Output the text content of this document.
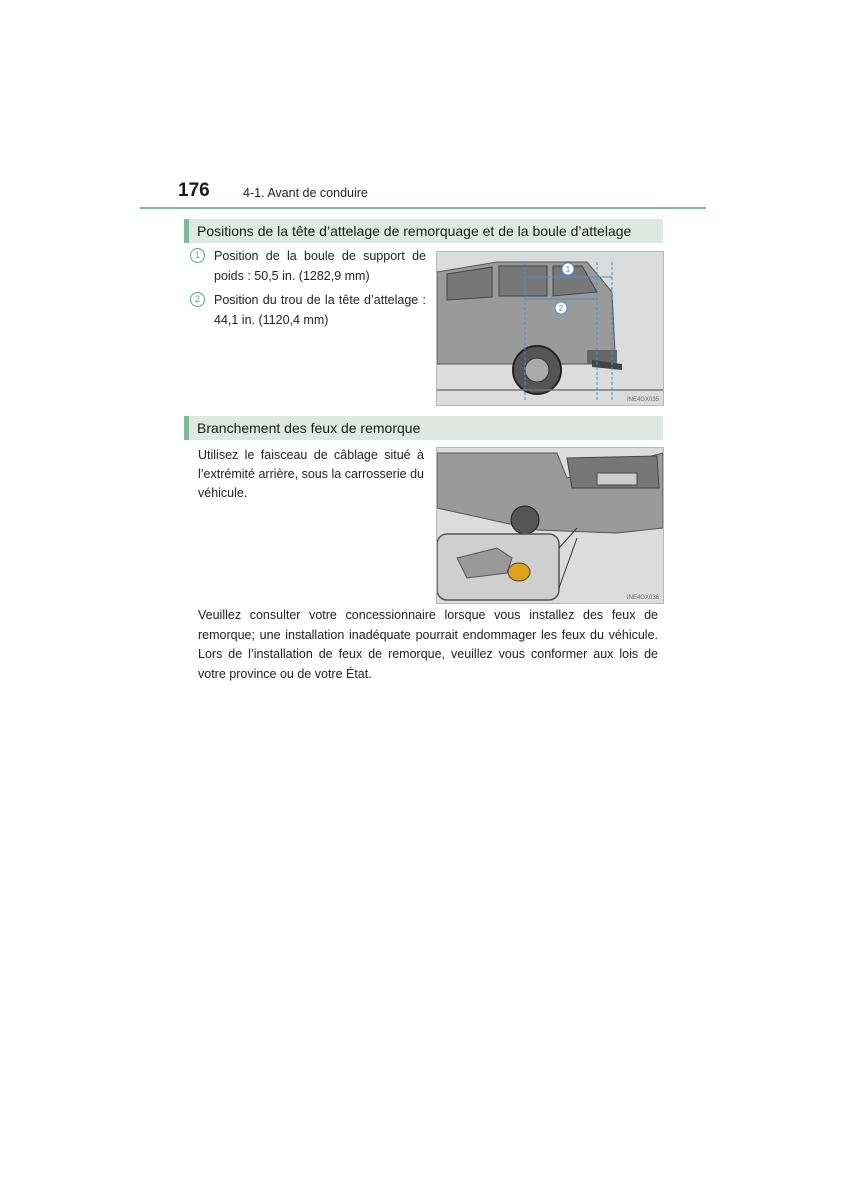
176	4-1. Avant de conduire
Positions de la tête d’attelage de remorquage et de la boule d’attelage
1	Position de la boule de support de poids : 50,5 in. (1282,9 mm)
2	Position du trou de la tête d’attelage : 44,1 in. (1120,4 mm)
1
2
INE4GX035
Branchement des feux de remorque
Utilisez le faisceau de câblage situé à l’extrémité arrière, sous la carrosserie du véhicule.
INE4GX036
Veuillez consulter votre concessionnaire lorsque vous installez des feux de remorque; une installation inadéquate pourrait endommager les feux du véhicule. Lors de l’installation de feux de remorque, veuillez vous conformer aux lois de votre province ou de votre État.
